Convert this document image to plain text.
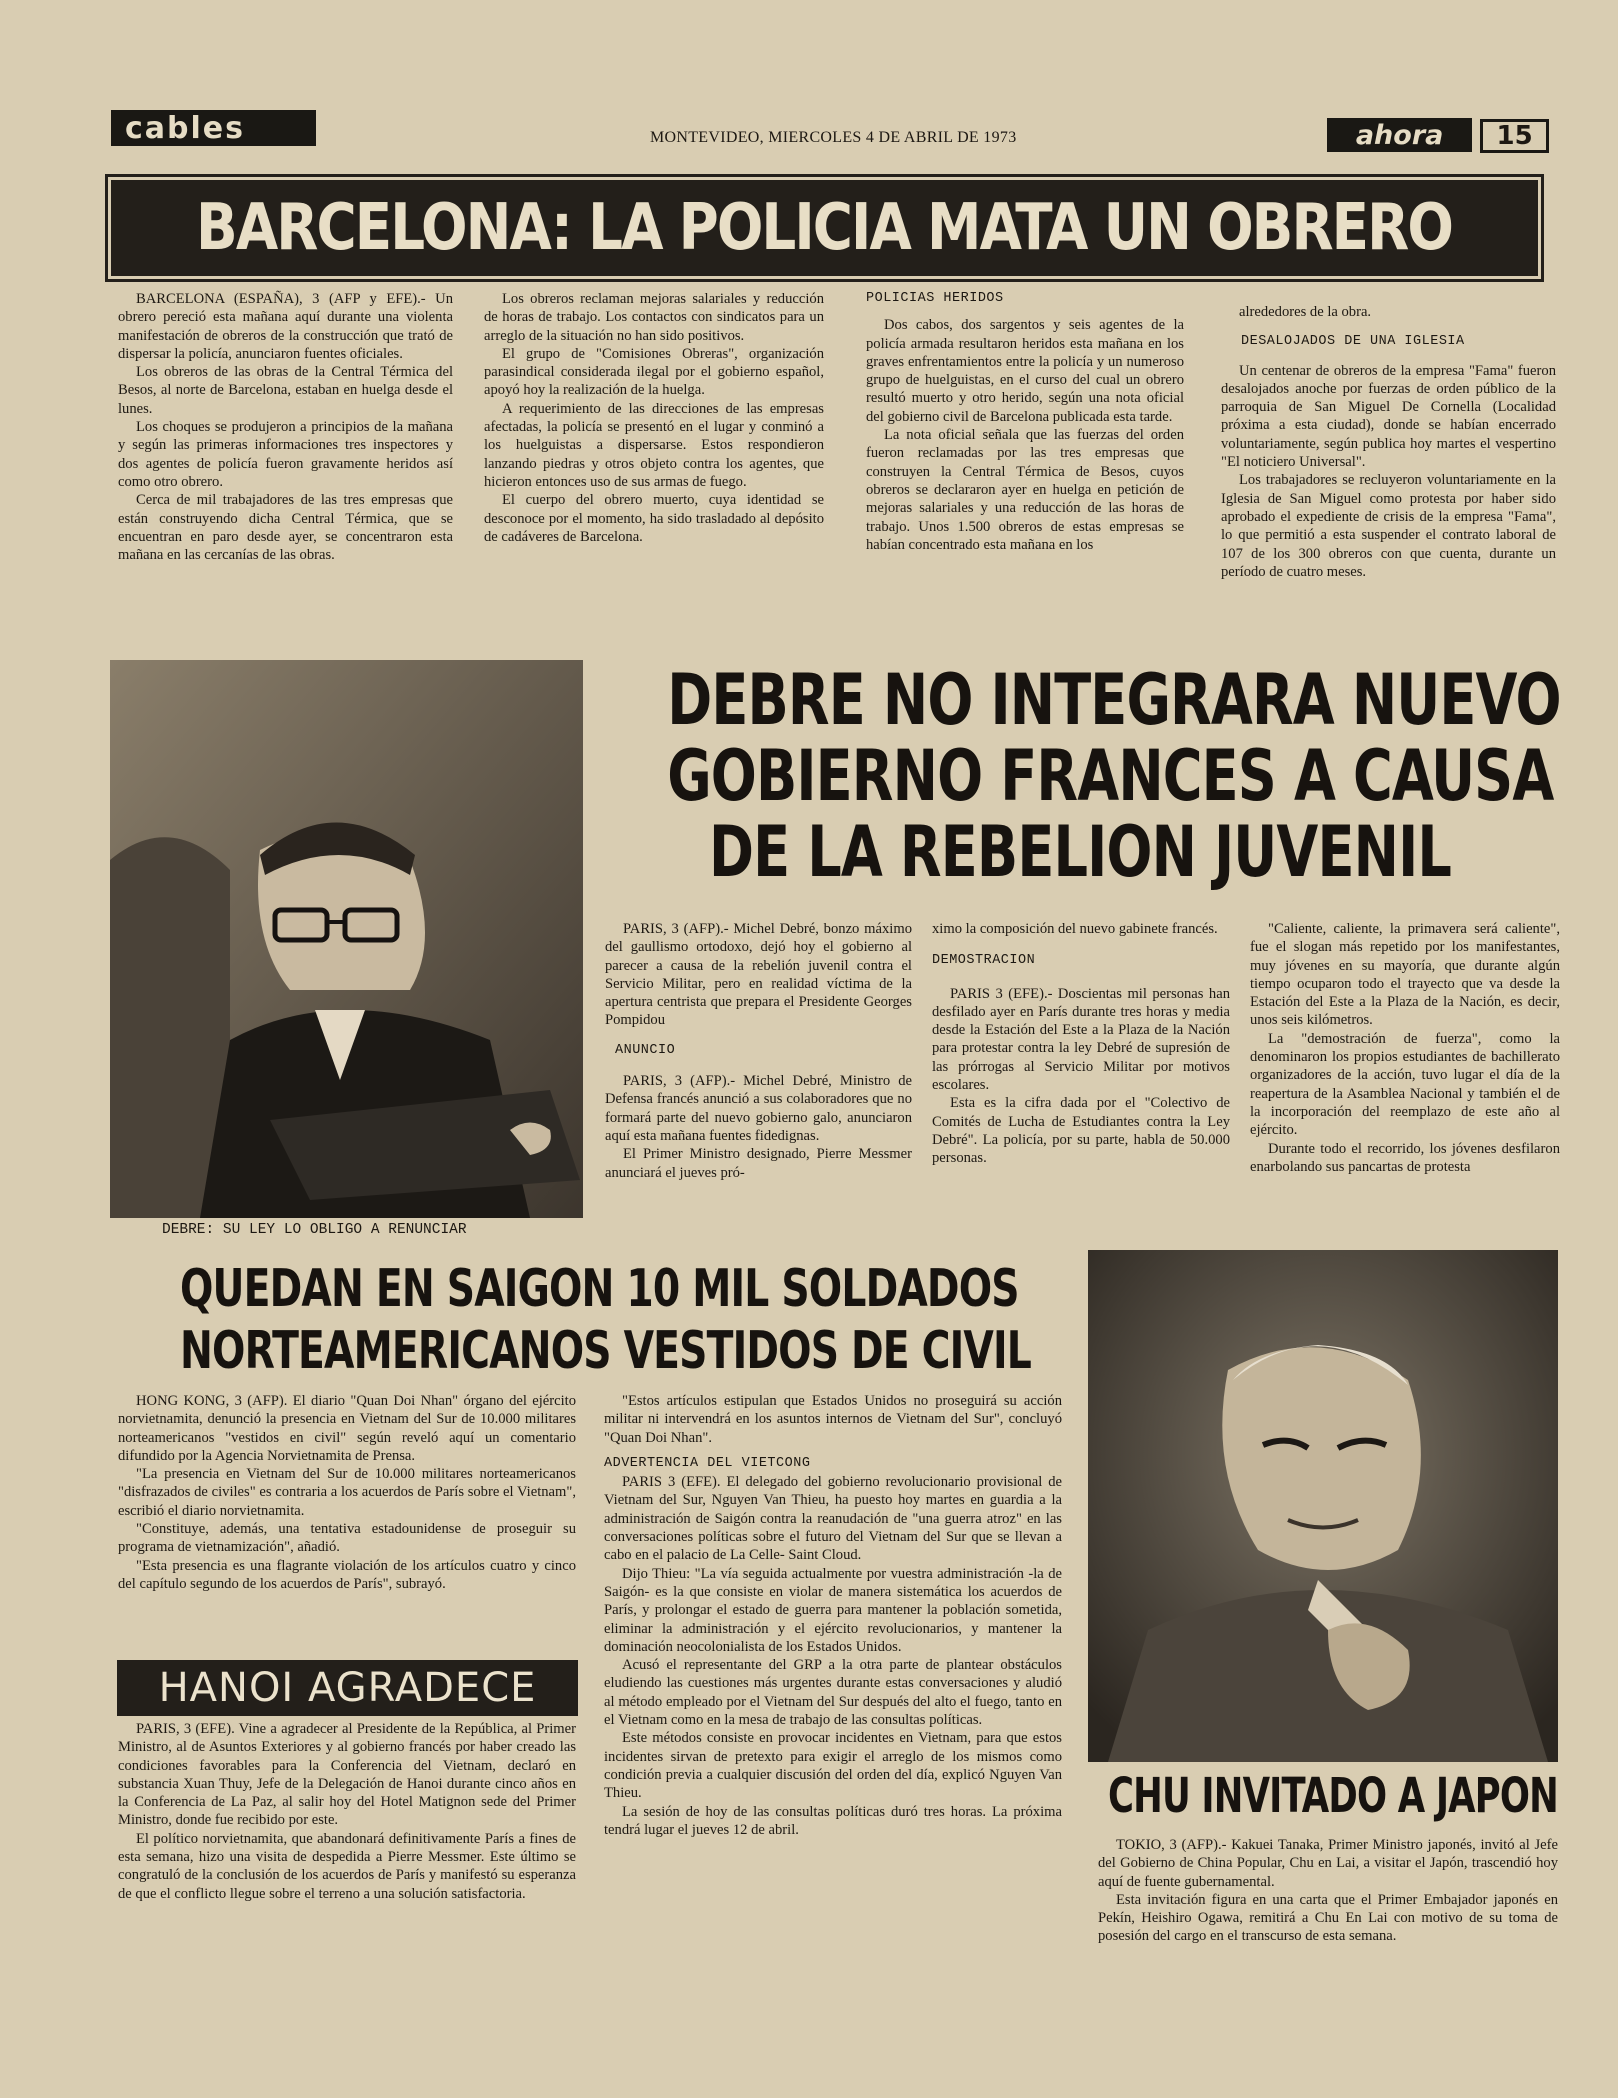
cables	MONTEVIDEO, MIERCOLES 4 DE ABRIL DE 1973	ahora 15
BARCELONA: LA POLICIA MATA UN OBRERO

BARCELONA (ESPAÑA), 3 (AFP y EFE).- Un obrero pereció esta mañana aquí durante una violenta manifestación de obreros de la construcción que trató de dispersar la policía, anunciaron fuentes oficiales.

Los obreros de las obras de la Central Térmica del Besos, al norte de Barcelona, estaban en huelga desde el lunes.

Los choques se produjeron a principios de la mañana y según las primeras informaciones tres inspectores y dos agentes de policía fueron gravamente heridos así como otro obrero.

Cerca de mil trabajadores de las tres empresas que están construyendo dicha Central Térmica, que se encuentran en paro desde ayer, se concentraron esta mañana en las cercanías de las obras.

Los obreros reclaman mejoras salariales y reducción de horas de trabajo. Los contactos con sindicatos para un arreglo de la situación no han sido positivos.

El grupo de "Comisiones Obreras", organización parasindical considerada ilegal por el gobierno español, apoyó hoy la realización de la huelga.

A requerimiento de las direcciones de las empresas afectadas, la policía se presentó en el lugar y conminó a los huelguistas a dispersarse. Estos respondieron lanzando piedras y otros objeto contra los agentes, que hicieron entonces uso de sus armas de fuego.

El cuerpo del obrero muerto, cuya identidad se desconoce por el momento, ha sido trasladado al depósito de cadáveres de Barcelona.

POLICIAS HERIDOS

Dos cabos, dos sargentos y seis agentes de la policía armada resultaron heridos esta mañana en los graves enfrentamientos entre la policía y un numeroso grupo de huelguistas, en el curso del cual un obrero resultó muerto y otro herido, según una nota oficial del gobierno civil de Barcelona publicada esta tarde.

La nota oficial señala que las fuerzas del orden fueron reclamadas por las tres empresas que construyen la Central Térmica de Besos, cuyos obreros se declararon ayer en huelga en petición de mejoras salariales y una reducción de las horas de trabajo. Unos 1.500 obreros de estas empresas se habían concentrado esta mañana en los

alrededores de la obra.

DESALOJADOS DE UNA IGLESIA

Un centenar de obreros de la empresa "Fama" fueron desalojados anoche por fuerzas de orden público de la parroquia de San Miguel De Cornella (Localidad próxima a esta ciudad), donde se habían encerrado voluntariamente, según publica hoy martes el vespertino "El noticiero Universal".

Los trabajadores se recluyeron voluntariamente en la Iglesia de San Miguel como protesta por haber sido aprobado el expediente de crisis de la empresa "Fama", lo que permitió a esta suspender el contrato laboral de 107 de los 300 obreros con que cuenta, durante un período de cuatro meses.

DEBRE: SU LEY LO OBLIGO A RENUNCIAR
DEBRE NO INTEGRARA NUEVO
GOBIERNO FRANCES A CAUSA
DE LA REBELION JUVENIL

PARIS, 3 (AFP).- Michel Debré, bonzo máximo del gaullismo ortodoxo, dejó hoy el gobierno al parecer a causa de la rebelión juvenil contra el Servicio Militar, pero en realidad víctima de la apertura centrista que prepara el Presidente Georges Pompidou

ANUNCIO

PARIS, 3 (AFP).- Michel Debré, Ministro de Defensa francés anunció a sus colaboradores que no formará parte del nuevo gobierno galo, anunciaron aquí esta mañana fuentes fidedignas.

El Primer Ministro designado, Pierre Messmer anunciará el jueves pró-

ximo la composición del nuevo gabinete francés.

DEMOSTRACION

PARIS 3 (EFE).- Doscientas mil personas han desfilado ayer en París durante tres horas y media desde la Estación del Este a la Plaza de la Nación para protestar contra la ley Debré de supresión de las prórrogas al Servicio Militar por motivos escolares.

Esta es la cifra dada por el "Colectivo de Comités de Lucha de Estudiantes contra la Ley Debré". La policía, por su parte, habla de 50.000 personas.

"Caliente, caliente, la primavera será caliente", fue el slogan más repetido por los manifestantes, muy jóvenes en su mayoría, que durante algún tiempo ocuparon todo el trayecto que va desde la Estación del Este a la Plaza de la Nación, es decir, unos seis kilómetros.

La "demostración de fuerza", como la denominaron los propios estudiantes de bachillerato organizadores de la acción, tuvo lugar el día de la reapertura de la Asamblea Nacional y también el de la incorporación del reemplazo de este año al ejército.

Durante todo el recorrido, los jóvenes desfilaron enarbolando sus pancartas de protesta

QUEDAN EN SAIGON 10 MIL SOLDADOS
NORTEAMERICANOS VESTIDOS DE CIVIL

HONG KONG, 3 (AFP). El diario "Quan Doi Nhan" órgano del ejército norvietnamita, denunció la presencia en Vietnam del Sur de 10.000 militares norteamericanos "vestidos en civil" según reveló aquí un comentario difundido por la Agencia Norvietnamita de Prensa.

"La presencia en Vietnam del Sur de 10.000 militares norteamericanos "disfrazados de civiles" es contraria a los acuerdos de París sobre el Vietnam", escribió el diario norvietnamita.

"Constituye, además, una tentativa estadounidense de proseguir su programa de vietnamización", añadió.

"Esta presencia es una flagrante violación de los artículos cuatro y cinco del capítulo segundo de los acuerdos de París", subrayó.

"Estos artículos estipulan que Estados Unidos no proseguirá su acción militar ni intervendrá en los asuntos internos de Vietnam del Sur", concluyó "Quan Doi Nhan".

ADVERTENCIA DEL VIETCONG

PARIS 3 (EFE). El delegado del gobierno revolucionario provisional de Vietnam del Sur, Nguyen Van Thieu, ha puesto hoy martes en guardia a la administración de Saigón contra la reanudación de "una guerra atroz" en las conversaciones políticas sobre el futuro del Vietnam del Sur que se llevan a cabo en el palacio de La Celle- Saint Cloud.

Dijo Thieu: "La vía seguida actualmente por vuestra administración -la de Saigón- es la que consiste en violar de manera sistemática los acuerdos de París, y prolongar el estado de guerra para mantener la población sometida, eliminar la administración y el ejército revolucionarios, y mantener la dominación neocolonialista de los Estados Unidos.

Acusó el representante del GRP a la otra parte de plantear obstáculos eludiendo las cuestiones más urgentes durante estas conversaciones y aludió al método empleado por el Vietnam del Sur después del alto el fuego, tanto en el Vietnam como en la mesa de trabajo de las consultas políticas.

Este métodos consiste en provocar incidentes en Vietnam, para que estos incidentes sirvan de pretexto para exigir el arreglo de los mismos como condición previa a cualquier discusión del orden del día, explicó Nguyen Van Thieu.

La sesión de hoy de las consultas políticas duró tres horas. La próxima tendrá lugar el jueves 12 de abril.

HANOI AGRADECE

PARIS, 3 (EFE). Vine a agradecer al Presidente de la República, al Primer Ministro, al de Asuntos Exteriores y al gobierno francés por haber creado las condiciones favorables para la Conferencia del Vietnam, declaró en substancia Xuan Thuy, Jefe de la Delegación de Hanoi durante cinco años en la Conferencia de La Paz, al salir hoy del Hotel Matignon sede del Primer Ministro, donde fue recibido por este.

El político norvietnamita, que abandonará definitivamente París a fines de esta semana, hizo una visita de despedida a Pierre Messmer. Este último se congratuló de la conclusión de los acuerdos de París y manifestó su esperanza de que el conflicto llegue sobre el terreno a una solución satisfactoria.

CHU INVITADO A JAPON

TOKIO, 3 (AFP).- Kakuei Tanaka, Primer Ministro japonés, invitó al Jefe del Gobierno de China Popular, Chu en Lai, a visitar el Japón, trascendió hoy aquí de fuente gubernamental.

Esta invitación figura en una carta que el Primer Embajador japonés en Pekín, Heishiro Ogawa, remitirá a Chu En Lai con motivo de su toma de posesión del cargo en el transcurso de esta semana.
